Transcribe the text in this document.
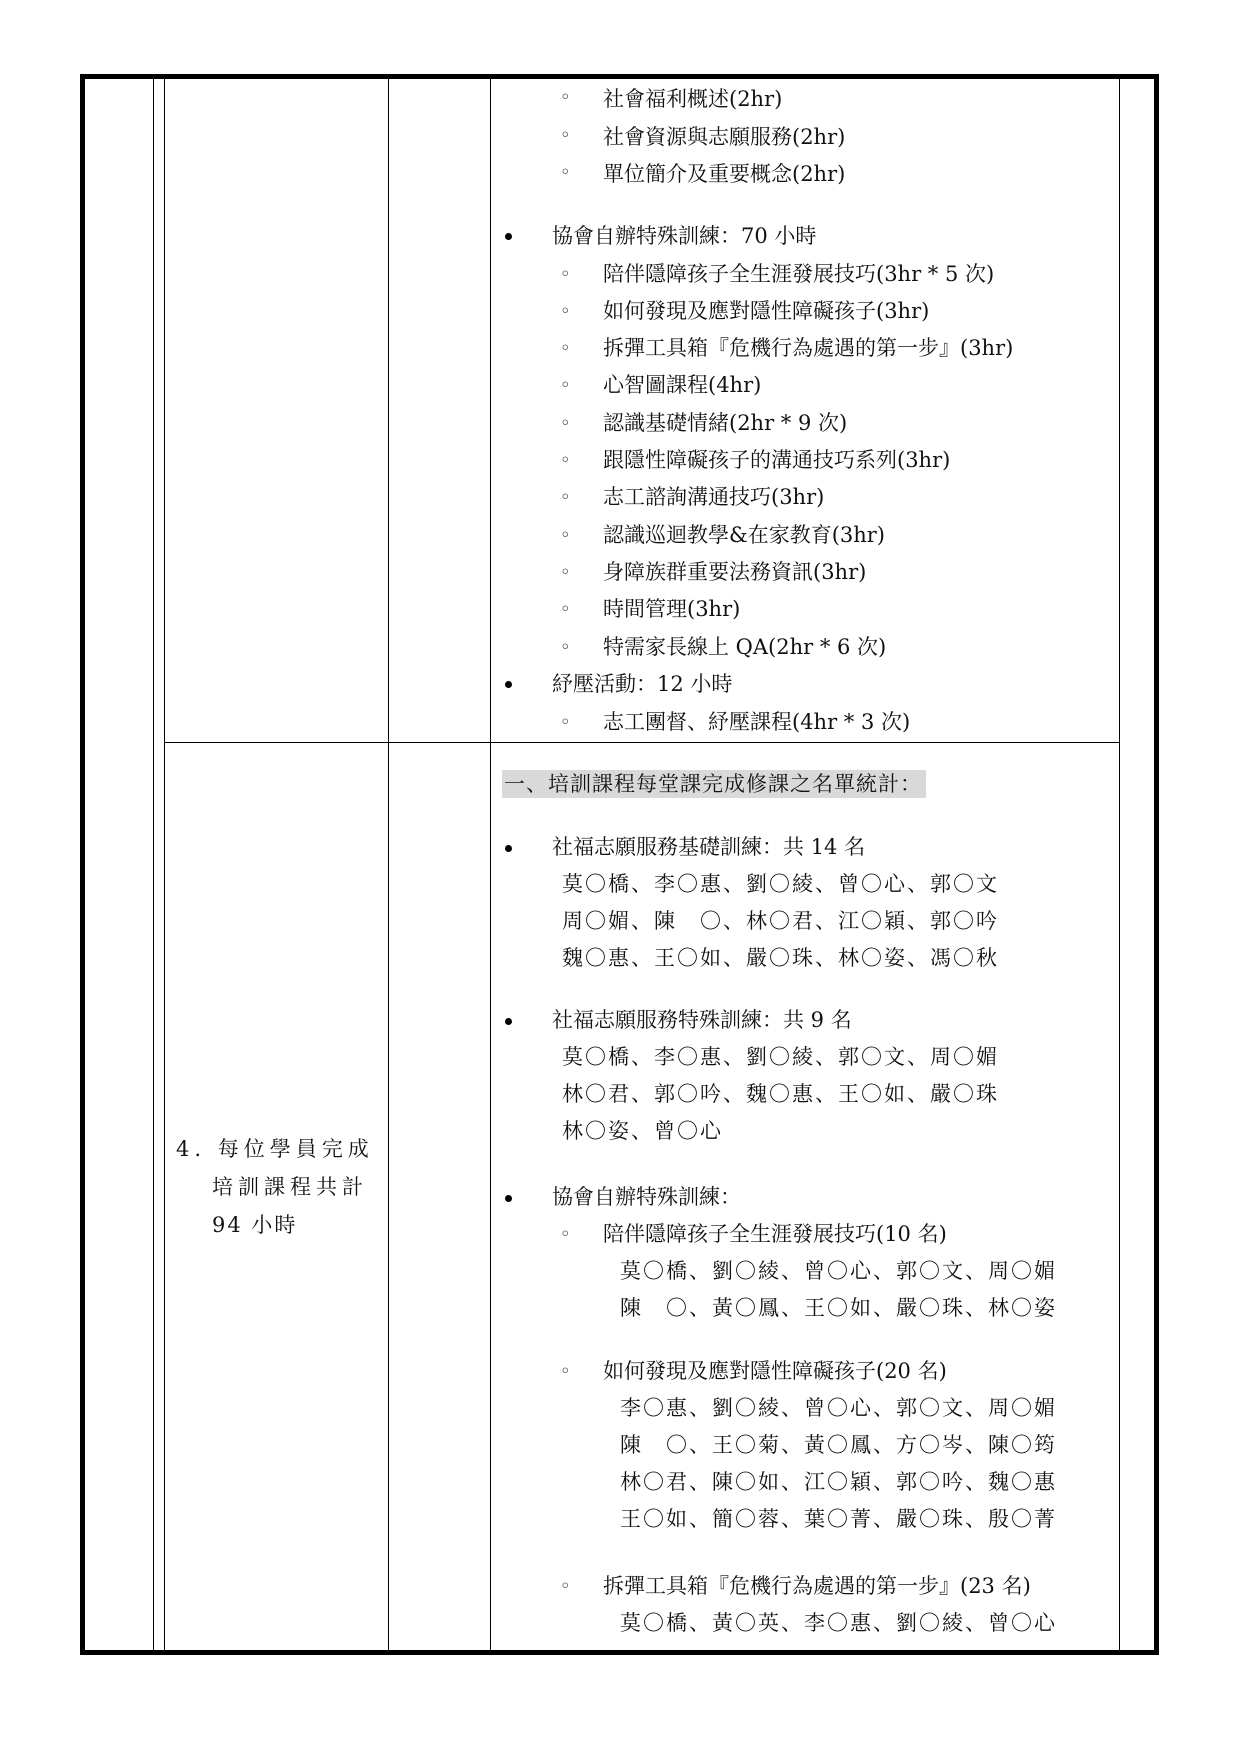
◦ 社會福利概述(2hr)
◦ 社會資源與志願服務(2hr)
◦ 單位簡介及重要概念(2hr)
協會自辦特殊訓練：70 小時
◦ 陪伴隱障孩子全生涯發展技巧(3hr * 5 次)
◦ 如何發現及應對隱性障礙孩子(3hr)
◦ 拆彈工具箱『危機行為處遇的第一步』(3hr)
◦ 心智圖課程(4hr)
◦ 認識基礎情緒(2hr * 9 次)
◦ 跟隱性障礙孩子的溝通技巧系列(3hr)
◦ 志工諮詢溝通技巧(3hr)
◦ 認識巡迴教學&在家教育(3hr)
◦ 身障族群重要法務資訊(3hr)
◦ 時間管理(3hr)
◦ 特需家長線上 QA(2hr * 6 次)
紓壓活動：12 小時
◦ 志工團督、紓壓課程(4hr * 3 次)
4. 每位學員完成
培訓課程共計
94 小時
一、培訓課程每堂課完成修課之名單統計：
社福志願服務基礎訓練：共 14 名
莫〇橋、李〇惠、劉〇綾、曾〇心、郭〇文
周〇媚、陳　〇、林〇君、江〇穎、郭〇吟
魏〇惠、王〇如、嚴〇珠、林〇姿、馮〇秋
社福志願服務特殊訓練：共 9 名
莫〇橋、李〇惠、劉〇綾、郭〇文、周〇媚
林〇君、郭〇吟、魏〇惠、王〇如、嚴〇珠
林〇姿、曾〇心
協會自辦特殊訓練：
◦ 陪伴隱障孩子全生涯發展技巧(10 名)
莫〇橋、劉〇綾、曾〇心、郭〇文、周〇媚
陳　〇、黃〇鳳、王〇如、嚴〇珠、林〇姿
◦ 如何發現及應對隱性障礙孩子(20 名)
李〇惠、劉〇綾、曾〇心、郭〇文、周〇媚
陳　〇、王〇菊、黃〇鳳、方〇岑、陳〇筠
林〇君、陳〇如、江〇穎、郭〇吟、魏〇惠
王〇如、簡〇蓉、葉〇菁、嚴〇珠、殷〇菁
◦ 拆彈工具箱『危機行為處遇的第一步』(23 名)
莫〇橋、黃〇英、李〇惠、劉〇綾、曾〇心
